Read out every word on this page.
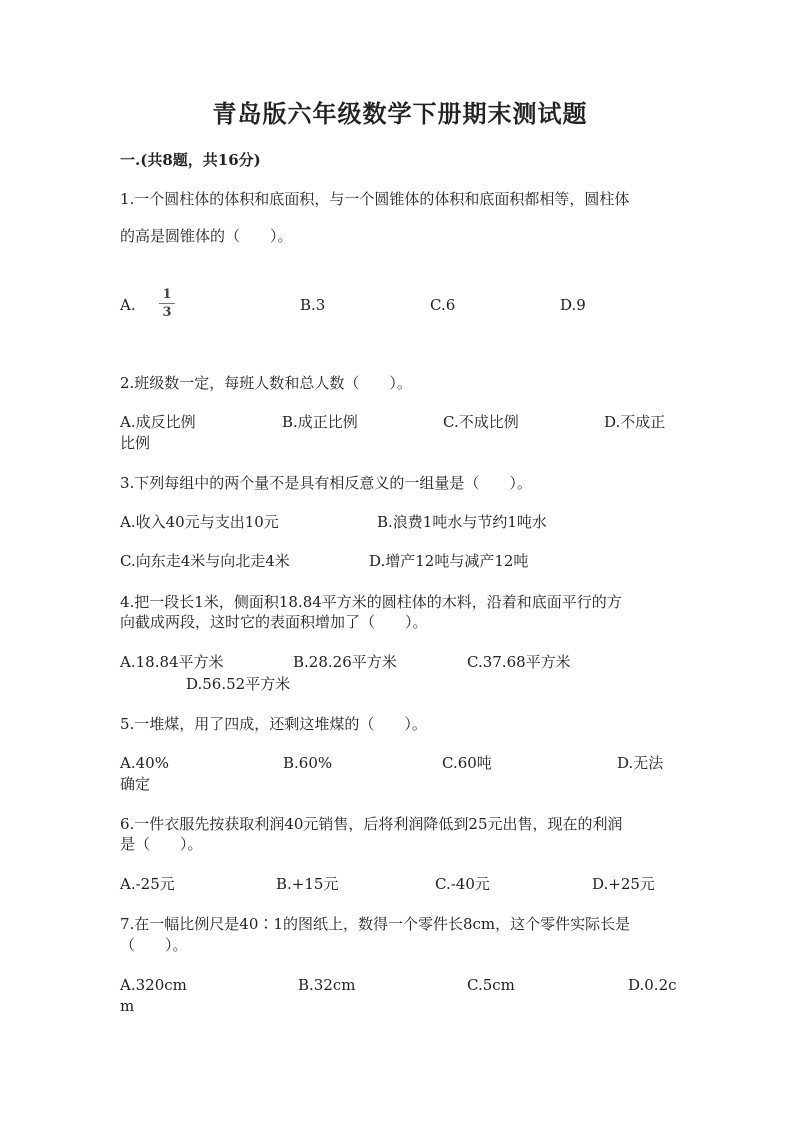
青岛版六年级数学下册期末测试题
一.(共8题，共16分)
1.一个圆柱体的体积和底面积，与一个圆锥体的体积和底面积都相等，圆柱体
的高是圆锥体的（　　）。
A.
1
3	B.3	C.6	D.9
2.班级数一定，每班人数和总人数（　　）。
A.成反比例	B.成正比例	C.不成比例	D.不成正
比例
3.下列每组中的两个量不是具有相反意义的一组量是（　　）。
A.收入40元与支出10元	B.浪费1吨水与节约1吨水
C.向东走4米与向北走4米	D.增产12吨与减产12吨
4.把一段长1米，侧面积18.84平方米的圆柱体的木料，沿着和底面平行的方
向截成两段，这时它的表面积增加了（　　）。
A.18.84平方米	B.28.26平方米	C.37.68平方米
D.56.52平方米
5.一堆煤，用了四成，还剩这堆煤的（　　）。
A.40%	B.60%	C.60吨	D.无法
确定
6.一件衣服先按获取利润40元销售，后将利润降低到25元出售，现在的利润
是（　　）。
A.-25元	B.+15元	C.-40元	D.+25元
7.在一幅比例尺是40∶1的图纸上，数得一个零件长8cm，这个零件实际长是
（　　）。
A.320cm	B.32cm	C.5cm	D.0.2c
m
